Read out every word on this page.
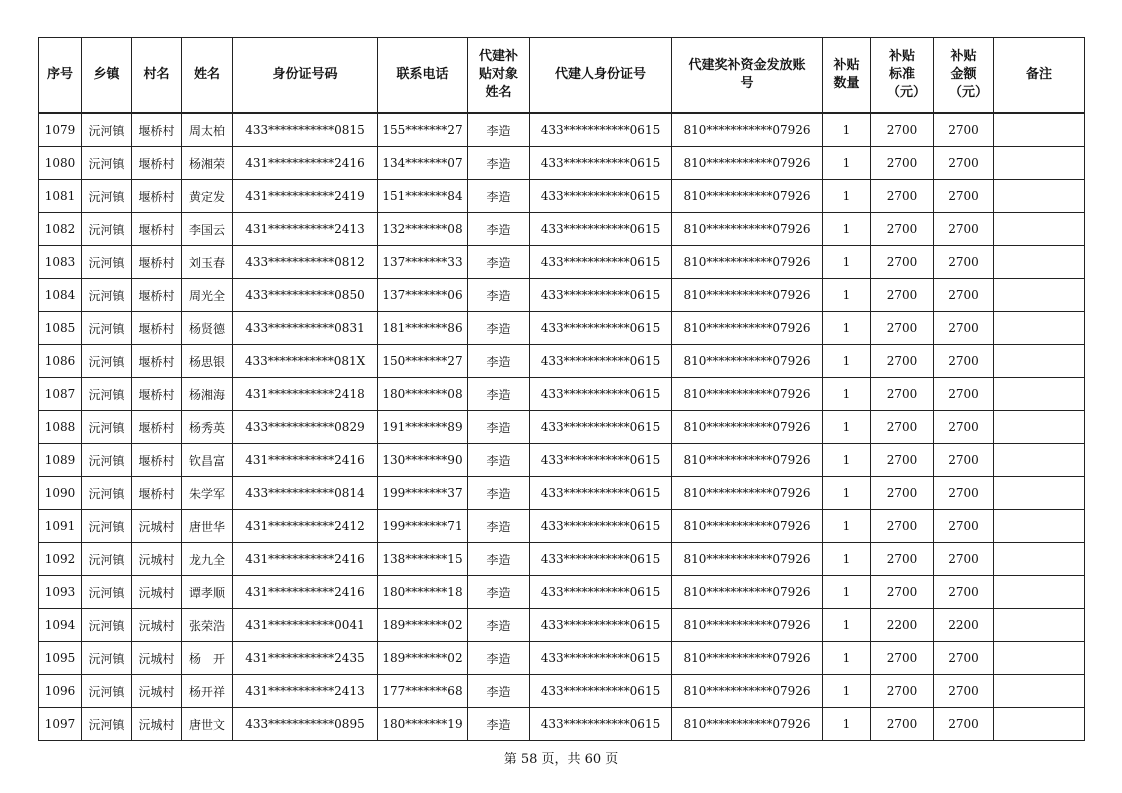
序号	乡镇	村名	姓名	身份证号码	联系电话	代建补贴对象姓名	代建人身份证号	代建奖补资金发放账号	补贴数量	补贴标准（元）	补贴金额（元）	备注
1079	沅河镇	堰桥村	周太柏	433***********0815	155*******27	李造	433***********0615	810***********07926	1	2700	2700	
1080	沅河镇	堰桥村	杨湘荣	431***********2416	134*******07	李造	433***********0615	810***********07926	1	2700	2700	
1081	沅河镇	堰桥村	黄定发	431***********2419	151*******84	李造	433***********0615	810***********07926	1	2700	2700	
1082	沅河镇	堰桥村	李国云	431***********2413	132*******08	李造	433***********0615	810***********07926	1	2700	2700	
1083	沅河镇	堰桥村	刘玉春	433***********0812	137*******33	李造	433***********0615	810***********07926	1	2700	2700	
1084	沅河镇	堰桥村	周光全	433***********0850	137*******06	李造	433***********0615	810***********07926	1	2700	2700	
1085	沅河镇	堰桥村	杨贤德	433***********0831	181*******86	李造	433***********0615	810***********07926	1	2700	2700	
1086	沅河镇	堰桥村	杨思银	433***********081X	150*******27	李造	433***********0615	810***********07926	1	2700	2700	
1087	沅河镇	堰桥村	杨湘海	431***********2418	180*******08	李造	433***********0615	810***********07926	1	2700	2700	
1088	沅河镇	堰桥村	杨秀英	433***********0829	191*******89	李造	433***********0615	810***********07926	1	2700	2700	
1089	沅河镇	堰桥村	钦昌富	431***********2416	130*******90	李造	433***********0615	810***********07926	1	2700	2700	
1090	沅河镇	堰桥村	朱学军	433***********0814	199*******37	李造	433***********0615	810***********07926	1	2700	2700	
1091	沅河镇	沅城村	唐世华	431***********2412	199*******71	李造	433***********0615	810***********07926	1	2700	2700	
1092	沅河镇	沅城村	龙九全	431***********2416	138*******15	李造	433***********0615	810***********07926	1	2700	2700	
1093	沅河镇	沅城村	谭孝顺	431***********2416	180*******18	李造	433***********0615	810***********07926	1	2700	2700	
1094	沅河镇	沅城村	张荣浩	431***********0041	189*******02	李造	433***********0615	810***********07926	1	2200	2200	
1095	沅河镇	沅城村	杨　开	431***********2435	189*******02	李造	433***********0615	810***********07926	1	2700	2700	
1096	沅河镇	沅城村	杨开祥	431***********2413	177*******68	李造	433***********0615	810***********07926	1	2700	2700	
1097	沅河镇	沅城村	唐世文	433***********0895	180*******19	李造	433***********0615	810***********07926	1	2700	2700	
第 58 页，共 60 页
